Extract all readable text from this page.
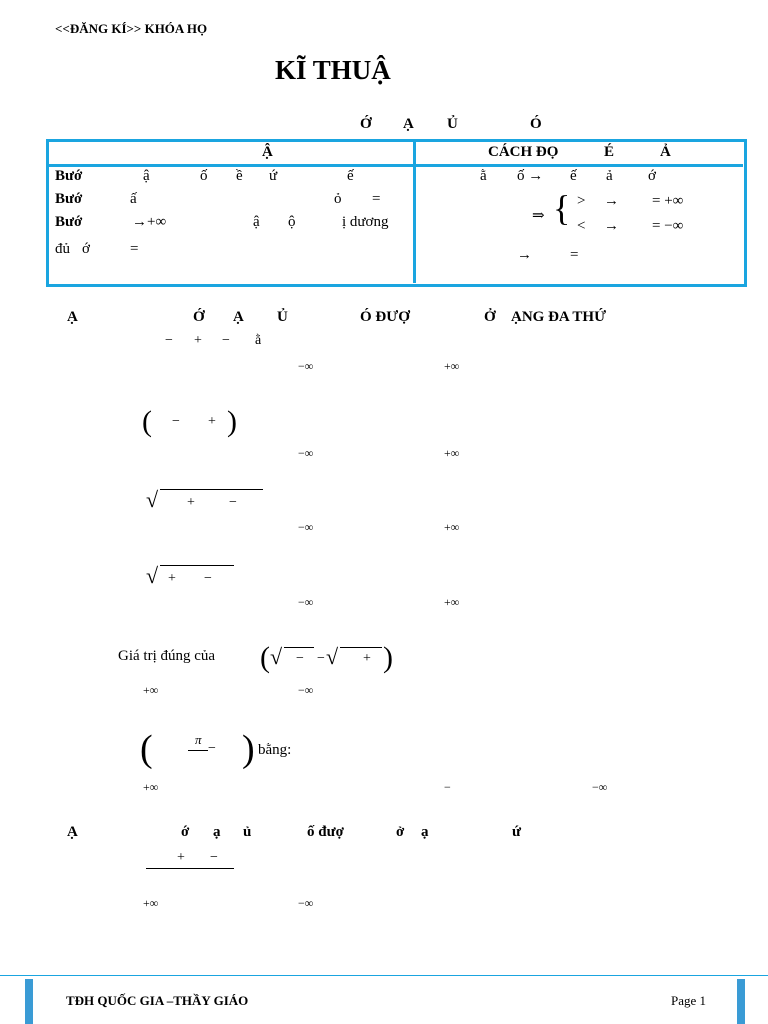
<<ĐĂNG KÍ>> KHÓA HỌ
KĨ THUẬ
Ớ Ạ Ủ	Ó
Ậ	CÁCH ĐỌ	É	Ả
Bướ	ậ	ố ề ứ	ế
Bướ	ấ	ỏ =
Bướ	→+∞	ậ ộ	ị dương
đủ ớ	=
ằ ố → ế ả ớ
⇒ { > → = +∞
< → = −∞
→	=
Ạ	Ớ Ạ Ủ	Ó ĐƯỢ	Ở ẠNG ĐA THỨ
− + − ằ
−∞	+∞
( − + )
−∞	+∞
√ + −
−∞	+∞
√ + −
−∞	+∞
Giá trị đúng của ( √ − − √ + )
+∞	−∞
(	π
− ) bằng:
+∞	−	−∞
Ạ	ớ ạ ủ	ố đượ	ở ạ	ứ
+ −
+∞	−∞
TĐH QUỐC GIA –THẦY GIÁO	Page 1
